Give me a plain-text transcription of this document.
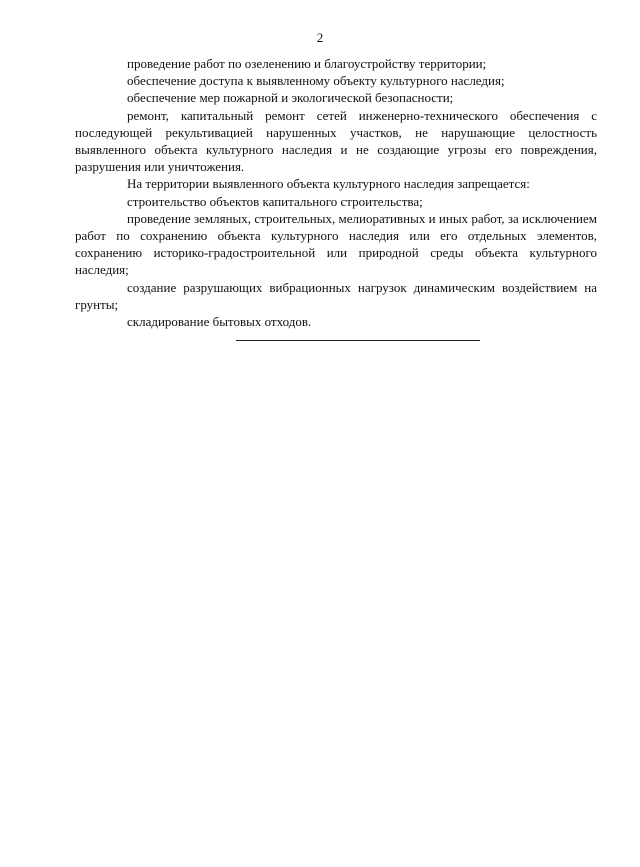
2

проведение работ по озеленению и благоустройству территории;

обеспечение доступа к выявленному объекту культурного наследия;

обеспечение мер пожарной и экологической безопасности;

ремонт, капитальный ремонт сетей инженерно-технического обеспечения с последующей рекультивацией нарушенных участков, не нарушающие целостность выявленного объекта культурного наследия и не создающие угрозы его повреждения, разрушения или уничтожения.

На территории выявленного объекта культурного наследия запрещается:

строительство объектов капитального строительства;

проведение земляных, строительных, мелиоративных и иных работ, за исключением работ по сохранению объекта культурного наследия или его отдельных элементов, сохранению историко-градостроительной или природной среды объекта культурного наследия;

создание разрушающих вибрационных нагрузок динамическим воздействием на грунты;

складирование бытовых отходов.
